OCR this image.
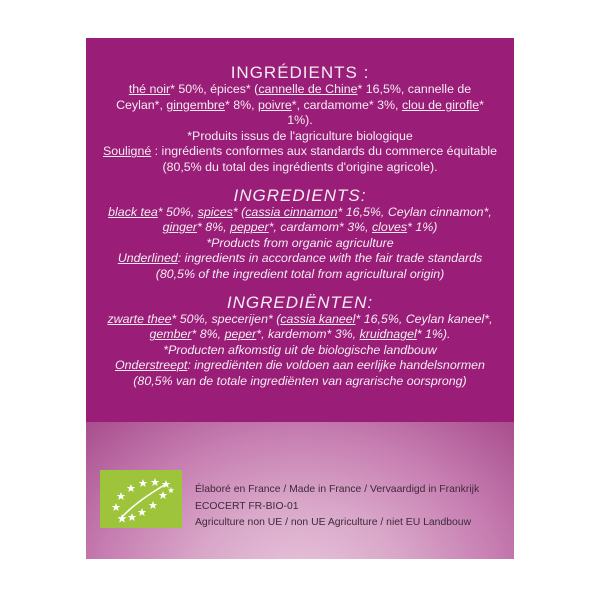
INGRÉDIENTS :

thé noir* 50%, épices* (cannelle de Chine* 16,5%, cannelle de Ceylan*, gingembre* 8%, poivre*, cardamome* 3%, clou de girofle* 1%).

*Produits issus de l'agriculture biologique

Souligné : ingrédients conformes aux standards du commerce équitable (80,5% du total des ingrédients d'origine agricole).

INGREDIENTS:

black tea* 50%, spices* (cassia cinnamon* 16,5%, Ceylan cinnamon*, ginger* 8%, pepper*, cardamom* 3%, cloves* 1%)

*Products from organic agriculture

Underlined: ingredients in accordance with the fair trade standards (80,5% of the ingredient total from agricultural origin)

INGREDIËNTEN:

zwarte thee* 50%, specerijen* (cassia kaneel* 16,5%, Ceylan kaneel*, gember* 8%, peper*, kardemom* 3%, kruidnagel* 1%).

*Producten afkomstig uit de biologische landbouw

Onderstreept: ingrediënten die voldoen aan eerlijke handelsnormen (80,5% van de totale ingrediënten van agrarische oorsprong)

Élaboré en France / Made in France / Vervaardigd in Frankrijk
ECOCERT FR-BIO-01
Agriculture non UE / non UE Agriculture / niet EU Landbouw
